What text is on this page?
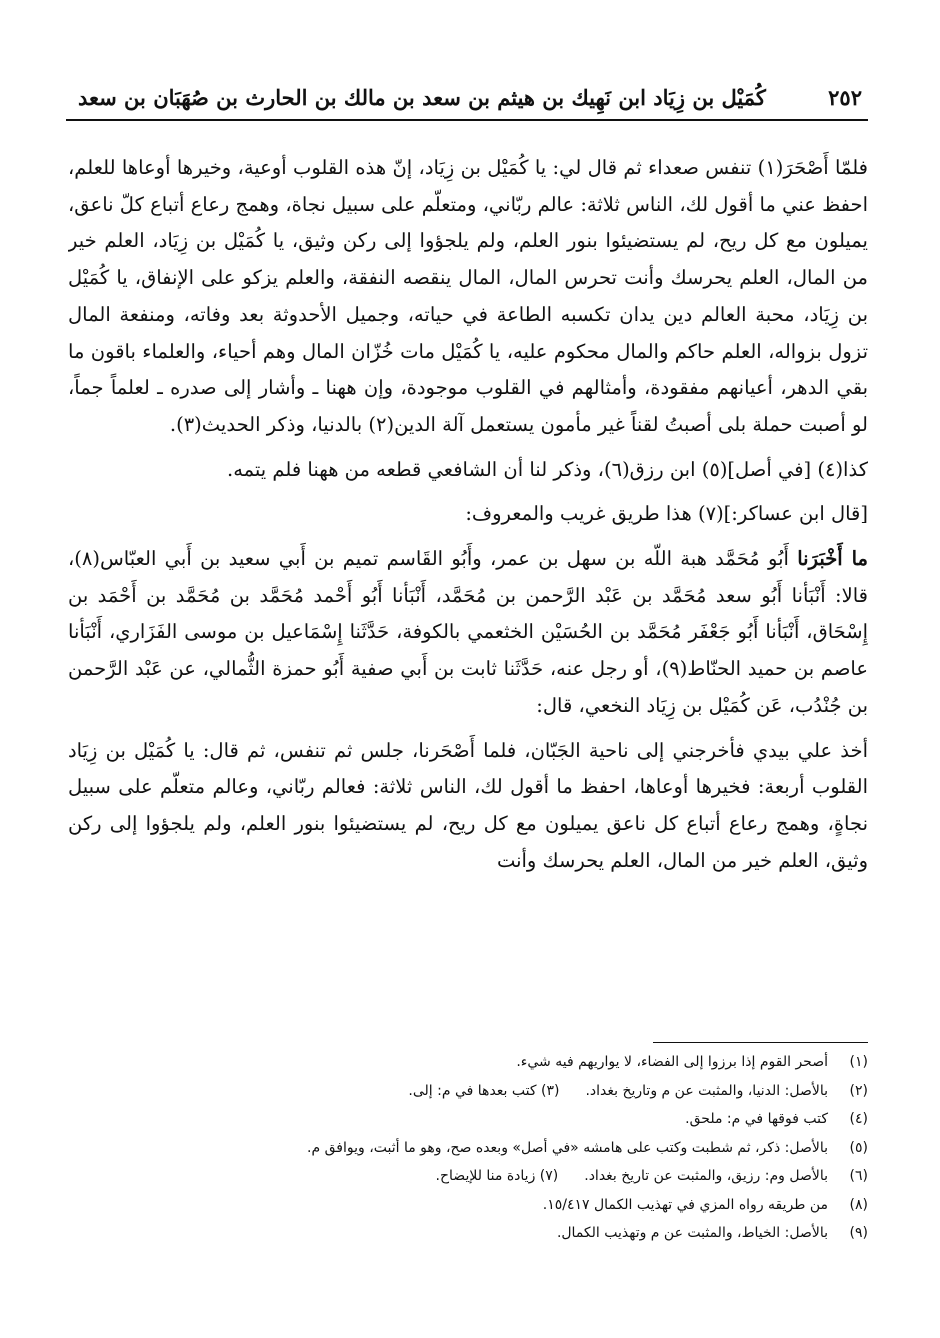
٢٥٢
كُمَيْل بن زِيَاد ابن نَهِيك بن هيثم بن سعد بن مالك بن الحارث بن صُهَبَان بن سعد

فلمّا أَصْحَرَ(١) تنفس صعداء ثم قال لي: يا كُمَيْل بن زِيَاد، إنّ هذه القلوب أوعية، وخيرها أوعاها للعلم، احفظ عني ما أقول لك، الناس ثلاثة: عالم ربّاني، ومتعلّم على سبيل نجاة، وهمج رعاع أتباع كلّ ناعق، يميلون مع كل ريح، لم يستضيئوا بنور العلم، ولم يلجؤوا إلى ركن وثيق، يا كُمَيْل بن زِيَاد، العلم خير من المال، العلم يحرسك وأنت تحرس المال، المال ينقصه النفقة، والعلم يزكو على الإنفاق، يا كُمَيْل بن زِيَاد، محبة العالم دين يدان تكسبه الطاعة في حياته، وجميل الأحدوثة بعد وفاته، ومنفعة المال تزول بزواله، العلم حاكم والمال محكوم عليه، يا كُمَيْل مات خُزّان المال وهم أحياء، والعلماء باقون ما بقي الدهر، أعيانهم مفقودة، وأمثالهم في القلوب موجودة، وإن ههنا ـ وأشار إلى صدره ـ لعلماً جماً، لو أصبت حملة بلى أصبتُ لقناً غير مأمون يستعمل آلة الدين(٢) بالدنيا، وذكر الحديث(٣).

كذا(٤) [في أصل](٥) ابن رزق(٦)، وذكر لنا أن الشافعي قطعه من ههنا فلم يتمه.

[قال ابن عساكر:](٧) هذا طريق غريب والمعروف:

ما أَخْبَرَنا أَبُو مُحَمَّد هبة اللّه بن سهل بن عمر، وأَبُو القَاسم تميم بن أَبي سعيد بن أَبي العبّاس(٨)، قالا: أَنْبَأنا أَبُو سعد مُحَمَّد بن عَبْد الرَّحمن بن مُحَمَّد، أَنْبَأنا أَبُو أَحْمد مُحَمَّد بن مُحَمَّد بن أَحْمَد بن إِسْحَاق، أَنْبَأنا أَبُو جَعْفَر مُحَمَّد بن الحُسَيْن الخثعمي بالكوفة، حَدَّثَنا إِسْمَاعيل بن موسى الفَزَاري، أَنْبَأنا عاصم بن حميد الحنّاط(٩)، أو رجل عنه، حَدَّثَنا ثابت بن أَبي صفية أَبُو حمزة الثُّمالي، عن عَبْد الرَّحمن بن جُنْدُب، عَن كُمَيْل بن زِيَاد النخعي، قال:

أخذ علي بيدي فأخرجني إلى ناحية الجَبّان، فلما أَصْحَرنا، جلس ثم تنفس، ثم قال: يا كُمَيْل بن زِيَاد القلوب أربعة: فخيرها أوعاها، احفظ ما أقول لك، الناس ثلاثة: فعالم ربّاني، وعالم متعلّم على سبيل نجاةٍ، وهمج رعاع أتباع كل ناعق يميلون مع كل ريح، لم يستضيئوا بنور العلم، ولم يلجؤوا إلى ركن وثيق، العلم خير من المال، العلم يحرسك وأنت

(١)
أصحر القوم إذا برزوا إلى الفضاء، لا يواريهم فيه شيء.
(٢)
بالأصل: الدنيا، والمثبت عن م وتاريخ بغداد.
(٣) كتب بعدها في م: إلى.
(٤)
كتب فوقها في م: ملحق.
(٥)
بالأصل: ذكر، ثم شطبت وكتب على هامشه «في أصل» وبعده صح، وهو ما أثبت، ويوافق م.
(٦)
بالأصل وم: رزيق، والمثبت عن تاريخ بغداد.
(٧) زيادة منا للإيضاح.
(٨)
من طريقه رواه المزي في تهذيب الكمال ١٥/٤١٧.
(٩)
بالأصل: الخياط، والمثبت عن م وتهذيب الكمال.
